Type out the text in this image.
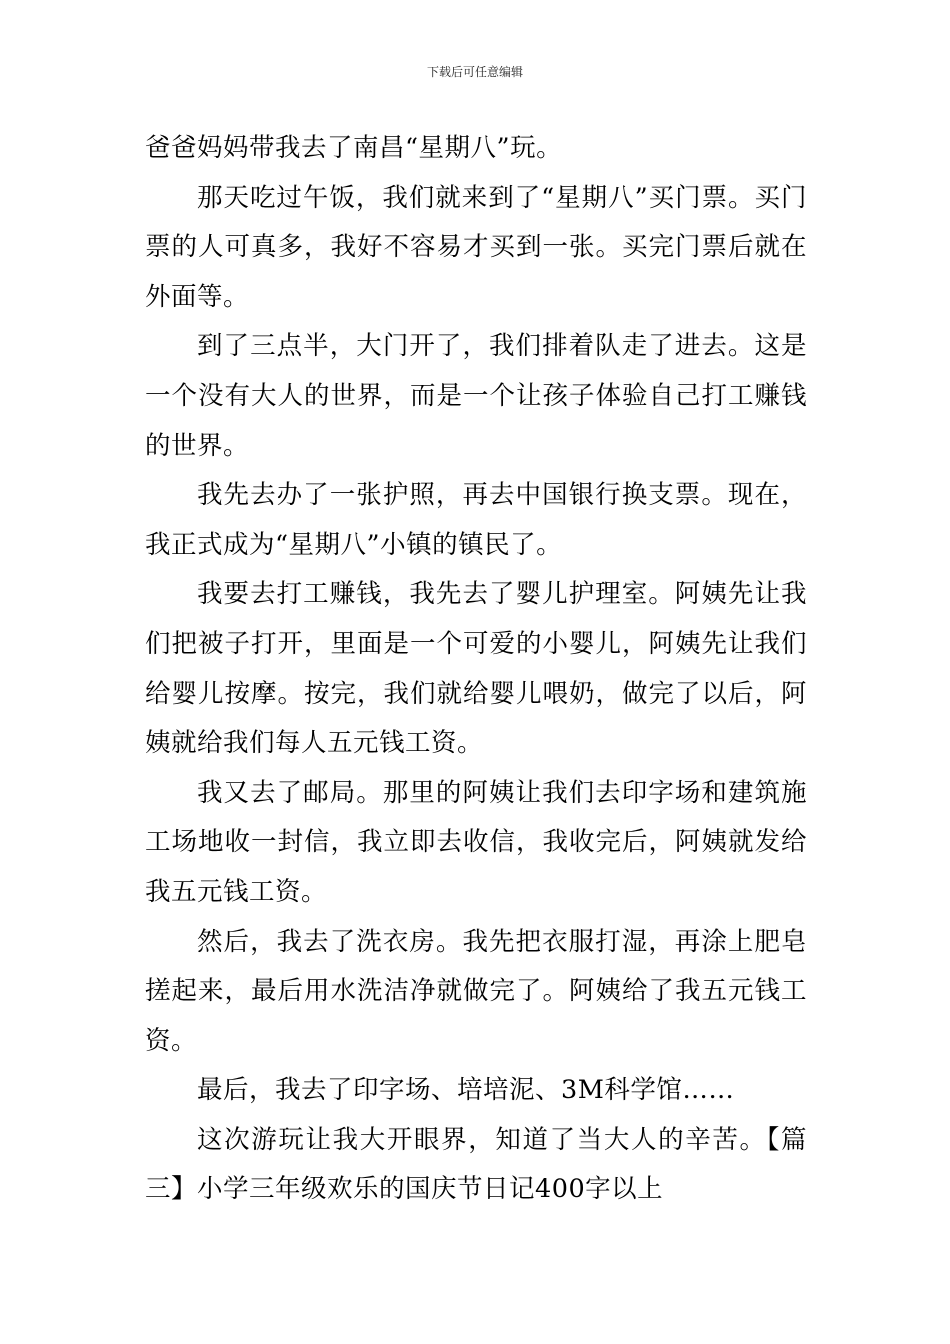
下载后可任意编辑

爸爸妈妈带我去了南昌“星期八”玩。

那天吃过午饭，我们就来到了“星期八”买门票。买门票的人可真多，我好不容易才买到一张。买完门票后就在外面等。

到了三点半，大门开了，我们排着队走了进去。这是一个没有大人的世界，而是一个让孩子体验自己打工赚钱的世界。

我先去办了一张护照，再去中国银行换支票。现在，我正式成为“星期八”小镇的镇民了。

我要去打工赚钱，我先去了婴儿护理室。阿姨先让我们把被子打开，里面是一个可爱的小婴儿，阿姨先让我们给婴儿按摩。按完，我们就给婴儿喂奶，做完了以后，阿姨就给我们每人五元钱工资。

我又去了邮局。那里的阿姨让我们去印字场和建筑施工场地收一封信，我立即去收信，我收完后，阿姨就发给我五元钱工资。

然后，我去了洗衣房。我先把衣服打湿，再涂上肥皂搓起来，最后用水洗洁净就做完了。阿姨给了我五元钱工资。

最后，我去了印字场、培培泥、3M科学馆……

这次游玩让我大开眼界，知道了当大人的辛苦。【篇三】小学三年级欢乐的国庆节日记400字以上
